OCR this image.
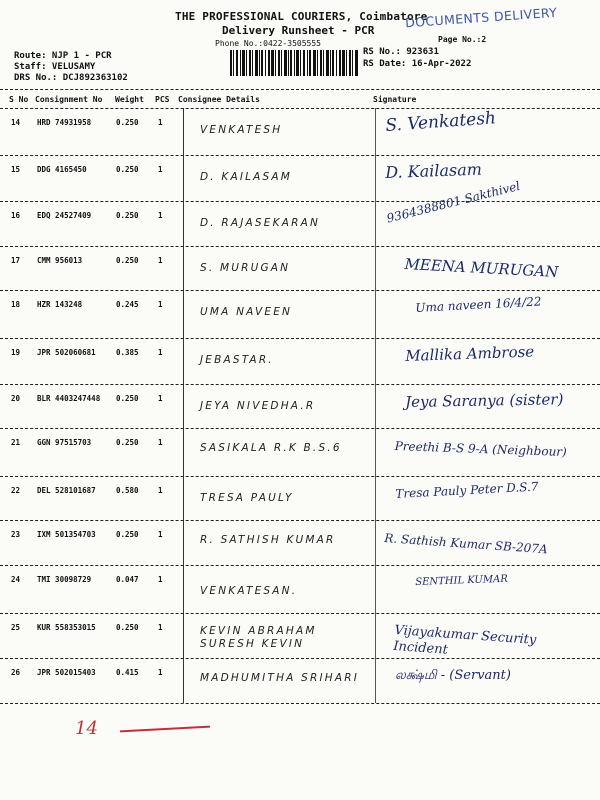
THE PROFESSIONAL COURIERS, Coimbatore
Delivery Runsheet - PCR
Phone No.:0422-3505555
DOCUMENTS DELIVERY
Page No.:2
Route: NJP 1 - PCR
Staff: VELUSAMY
DRS No.: DCJ892363102
RS No.: 923631
RS Date: 16-Apr-2022
S No Consignment No Weight PCS Consignee Details	Signature
14 HRD 74931958	0.250	1
VENKATESH	S. Venkatesh
15 DDG 4165450	0.250	1
D. KAILASAM	D. Kailasam
16 EDQ 24527409	0.250	1
D. RAJASEKARAN	9364388801 Sakthivel
17 CMM 956013	0.250	1
S. MURUGAN	MEENA MURUGAN
18 HZR 143248	0.245	1
UMA NAVEEN	Uma naveen 16/4/22
19 JPR 502060681	0.385	1
JEBASTAR.	Mallika Ambrose
20 BLR 4403247448 0.250	1
JEYA NIVEDHA.R	Jeya Saranya (sister)
21 GGN 97515703	0.250	1	SASIKALA R.K B.S.6	Preethi B-S 9-A (Neighbour)
22 DEL 528101687	0.580	1
TRESA PAULY	Tresa Pauly Peter D.S.7
23 IXM 501354703	0.250	1	R. SATHISH KUMAR	R. Sathish Kumar SB-207A
24 TMI 30098729	0.047	1
VENKATESAN.
SENTHIL KUMAR
25 KUR 558353015	0.250	1	KEVIN ABRAHAM SURESH KEVIN	Vijayakumar Security Incident
26 JPR 502015403	0.415	1	MADHUMITHA SRIHARI	லக்ஷ்மி - (Servant)
14
